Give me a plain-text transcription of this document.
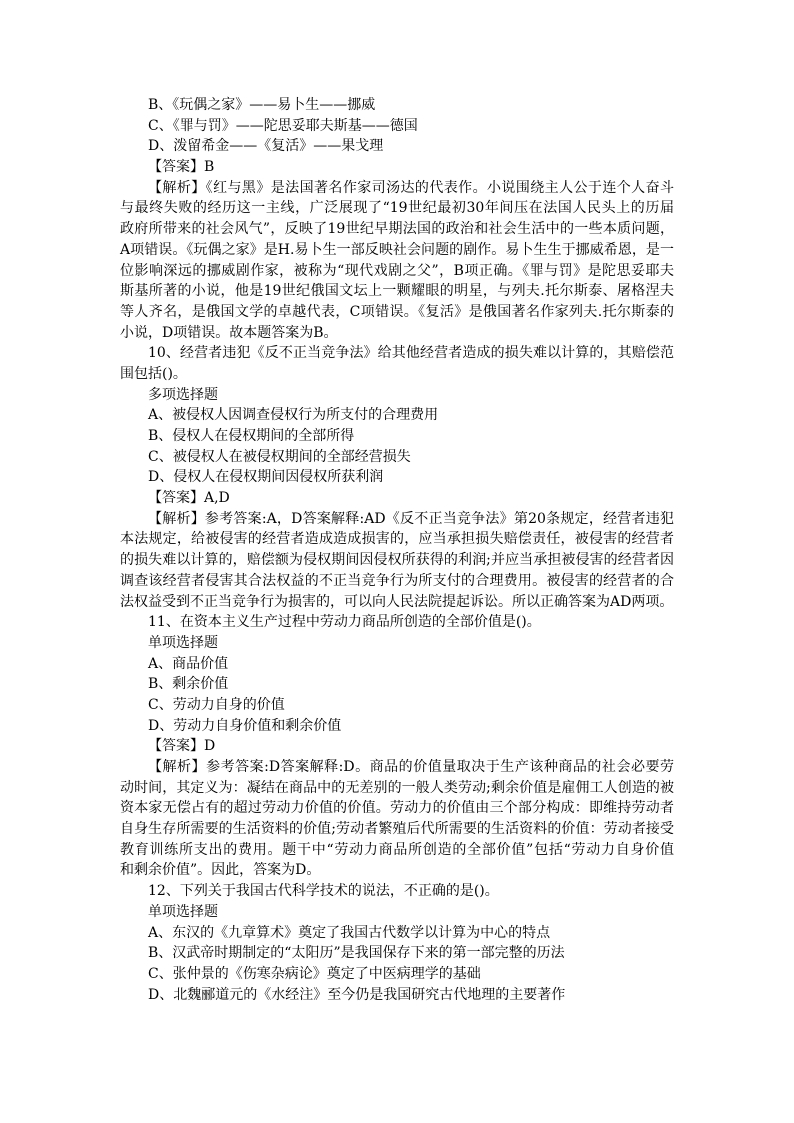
B、《玩偶之家》——易卜生——挪威
C、《罪与罚》——陀思妥耶夫斯基——德国
D、泼留希金——《复活》——果戈理
【答案】B
【解析】《红与黑》是法国著名作家司汤达的代表作。小说围绕主人公于连个人奋斗
与最终失败的经历这一主线，广泛展现了“19世纪最初30年间压在法国人民头上的历届
政府所带来的社会风气”，反映了19世纪早期法国的政治和社会生活中的一些本质问题，
A项错误。《玩偶之家》是H.易卜生一部反映社会问题的剧作。易卜生生于挪威希恩，是一
位影响深远的挪威剧作家，被称为“现代戏剧之父”，B项正确。《罪与罚》是陀思妥耶夫
斯基所著的小说，他是19世纪俄国文坛上一颗耀眼的明星，与列夫.托尔斯泰、屠格涅夫
等人齐名，是俄国文学的卓越代表，C项错误。《复活》是俄国著名作家列夫.托尔斯泰的
小说，D项错误。故本题答案为B。
10、经营者违犯《反不正当竞争法》给其他经营者造成的损失难以计算的，其赔偿范
围包括()。
多项选择题
A、被侵权人因调查侵权行为所支付的合理费用
B、侵权人在侵权期间的全部所得
C、被侵权人在被侵权期间的全部经营损失
D、侵权人在侵权期间因侵权所获利润
【答案】A,D
【解析】参考答案:A，D答案解释:AD《反不正当竞争法》第20条规定，经营者违犯
本法规定，给被侵害的经营者造成造成损害的，应当承担损失赔偿责任，被侵害的经营者
的损失难以计算的，赔偿额为侵权期间因侵权所获得的利润;并应当承担被侵害的经营者因
调查该经营者侵害其合法权益的不正当竞争行为所支付的合理费用。被侵害的经营者的合
法权益受到不正当竞争行为损害的，可以向人民法院提起诉讼。所以正确答案为AD两项。
11、在资本主义生产过程中劳动力商品所创造的全部价值是()。
单项选择题
A、商品价值
B、剩余价值
C、劳动力自身的价值
D、劳动力自身价值和剩余价值
【答案】D
【解析】参考答案:D答案解释:D。商品的价值量取决于生产该种商品的社会必要劳
动时间，其定义为：凝结在商品中的无差别的一般人类劳动;剩余价值是雇佣工人创造的被
资本家无偿占有的超过劳动力价值的价值。劳动力的价值由三个部分构成：即维持劳动者
自身生存所需要的生活资料的价值;劳动者繁殖后代所需要的生活资料的价值：劳动者接受
教育训练所支出的费用。题干中“劳动力商品所创造的全部价值”包括“劳动力自身价值
和剩余价值”。因此，答案为D。
12、下列关于我国古代科学技术的说法，不正确的是()。
单项选择题
A、东汉的《九章算术》奠定了我国古代数学以计算为中心的特点
B、汉武帝时期制定的“太阳历”是我国保存下来的第一部完整的历法
C、张仲景的《伤寒杂病论》奠定了中医病理学的基础
D、北魏郦道元的《水经注》至今仍是我国研究古代地理的主要著作
